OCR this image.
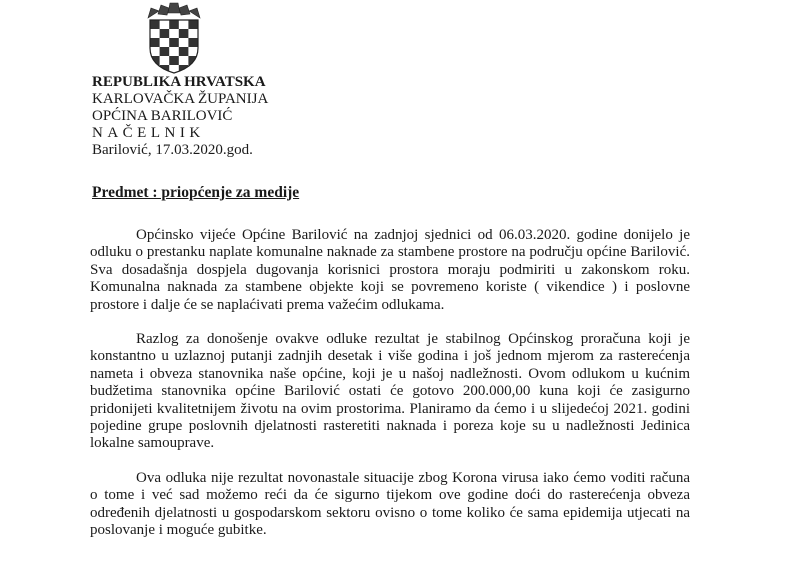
REPUBLIKA HRVATSKA
KARLOVAČKA ŽUPANIJA
OPĆINA BARILOVIĆ
NAČELNIK
Barilović, 17.03.2020.god.
Predmet : priopćenje za medije

Općinsko vijeće Općine Barilović na zadnjoj sjednici od 06.03.2020. godine donijelo je odluku o prestanku naplate komunalne naknade za stambene prostore na području općine Barilović. Sva dosadašnja dospjela dugovanja korisnici prostora moraju podmiriti u zakonskom roku. Komunalna naknada za stambene objekte koji se povremeno koriste ( vikendice ) i poslovne prostore i dalje će se naplaćivati prema važećim odlukama.

Razlog za donošenje ovakve odluke rezultat je stabilnog Općinskog proračuna koji je konstantno u uzlaznoj putanji zadnjih desetak i više godina i još jednom mjerom za rasterećenja nameta i obveza stanovnika naše općine, koji je u našoj nadležnosti. Ovom odlukom u kućnim budžetima stanovnika općine Barilović ostati će gotovo 200.000,00 kuna koji će zasigurno pridonijeti kvalitetnijem životu na ovim prostorima. Planiramo da ćemo i u slijedećoj 2021. godini pojedine grupe poslovnih djelatnosti rasteretiti naknada i poreza koje su u nadležnosti Jedinica lokalne samouprave.

Ova odluka nije rezultat novonastale situacije zbog Korona virusa iako ćemo voditi računa o tome i već sad možemo reći da će sigurno tijekom ove godine doći do rasterećenja obveza određenih djelatnosti u gospodarskom sektoru ovisno o tome koliko će sama epidemija utjecati na poslovanje i moguće gubitke.
